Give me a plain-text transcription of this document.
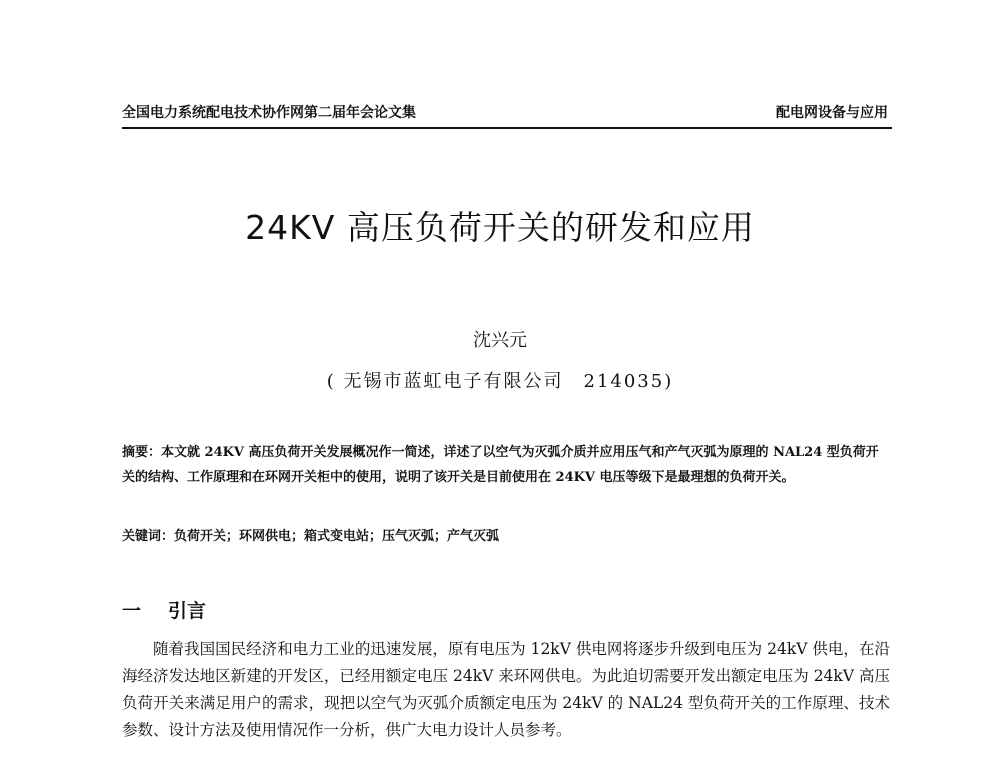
全国电力系统配电技术协作网第二届年会论文集	配电网设备与应用
24KV 高压负荷开关的研发和应用
沈兴元
( 无锡市蓝虹电子有限公司　214035)
摘要：本文就 24KV 高压负荷开关发展概况作一简述，详述了以空气为灭弧介质并应用压气和产气灭弧为原理的 NAL24 型负荷开关的结构、工作原理和在环网开关柜中的使用，说明了该开关是目前使用在 24KV 电压等级下是最理想的负荷开关。
关键词：负荷开关；环网供电；箱式变电站；压气灭弧；产气灭弧
一 引言
随着我国国民经济和电力工业的迅速发展，原有电压为 12kV 供电网将逐步升级到电压为 24kV 供电，在沿海经济发达地区新建的开发区，已经用额定电压 24kV 来环网供电。为此迫切需要开发出额定电压为 24kV 高压负荷开关来满足用户的需求，现把以空气为灭弧介质额定电压为 24kV 的 NAL24 型负荷开关的工作原理、技术参数、设计方法及使用情况作一分析，供广大电力设计人员参考。
